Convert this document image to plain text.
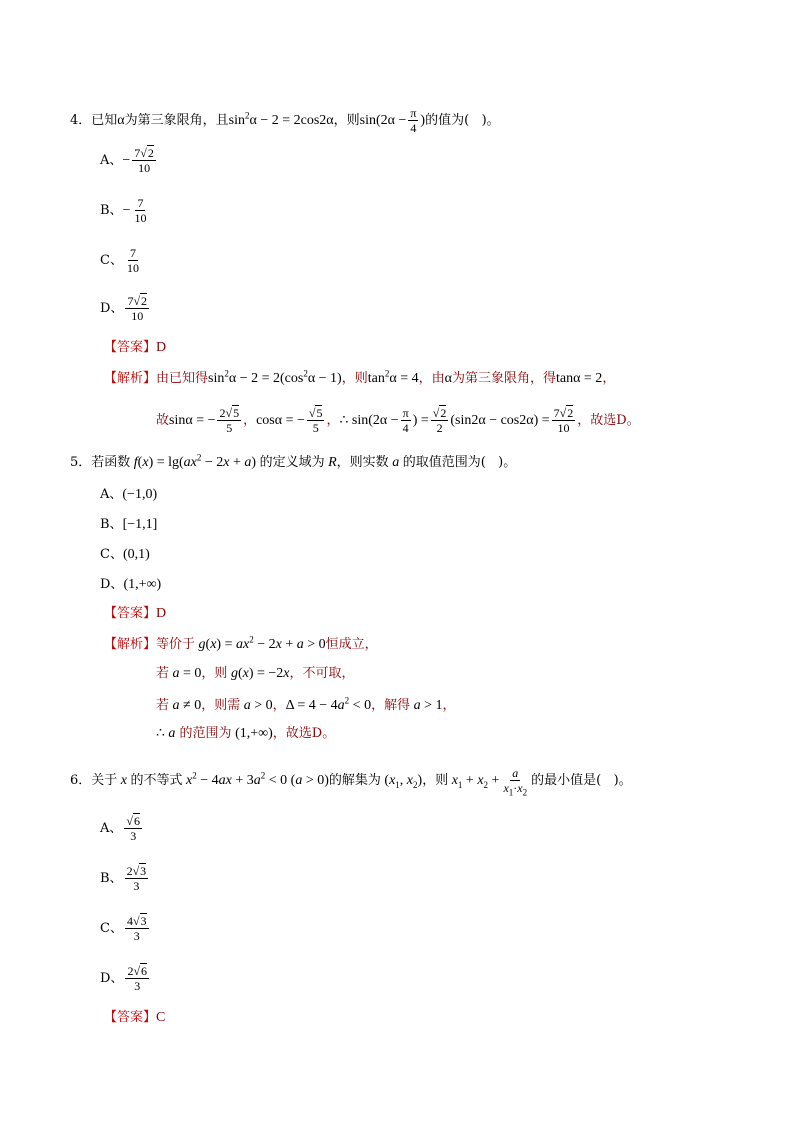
4．已知α为第三象限角，且$\sin^2\alpha - 2 = 2\cos 2\alpha$，则$\sin(2\alpha - \frac{\pi}{4}$ )的值为(   )。
A、− $\frac{7√2}{10}$
B、− $\frac{7}{10}$
C、 $\frac{7}{10}$
D、 $\frac{7√2}{10}$
【答案】D
【解析】由已知得$\sin^2\alpha - 2 = 2(\cos^2\alpha - 1)$，则$\tan^2\alpha = 4$，由α为第三象限角，得tanα = 2，
故sinα = − $\frac{2√5}{5}$ ，cosα = − $\frac{√5}{5}$ ，∴ $\sin(2\alpha - \frac{\pi}{4}$ ) = $\frac{√2}{2} (\sin 2\alpha - \cos 2\alpha) = \frac{7√2}{10}$ ，故选D。
5．若函数 $f(x) = \lg(ax^2 - 2x + a)$ 的定义域为 R，则实数 a 的取值范围为(   )。
A、(−1,0)
B、[−1,1]
C、(0,1)
D、(1,+∞)
【答案】D
【解析】等价于 $g(x) = ax^2 - 2x + a > 0$恒成立，
若 a = 0，则 g(x) = −2x，不可取，
若 a ≠ 0，则需 a > 0，$\Delta = 4 - 4a^2 < 0$，解得 a > 1，
∴ a 的范围为 (1,+∞)，故选D。
6．关于 x 的不等式 $x^2 - 4ax + 3a^2 < 0$ (a > 0)的解集为 ($x_1$, $x_2$)，则 $x_1 + x_2 + \frac{a}{x_1\cdot x_2}$ 的最小值是(   )。
A、 $\frac{√6}{3}$
B、 $\frac{2√3}{3}$
C、 $\frac{4√3}{3}$
D、 $\frac{2√6}{3}$
【答案】C
